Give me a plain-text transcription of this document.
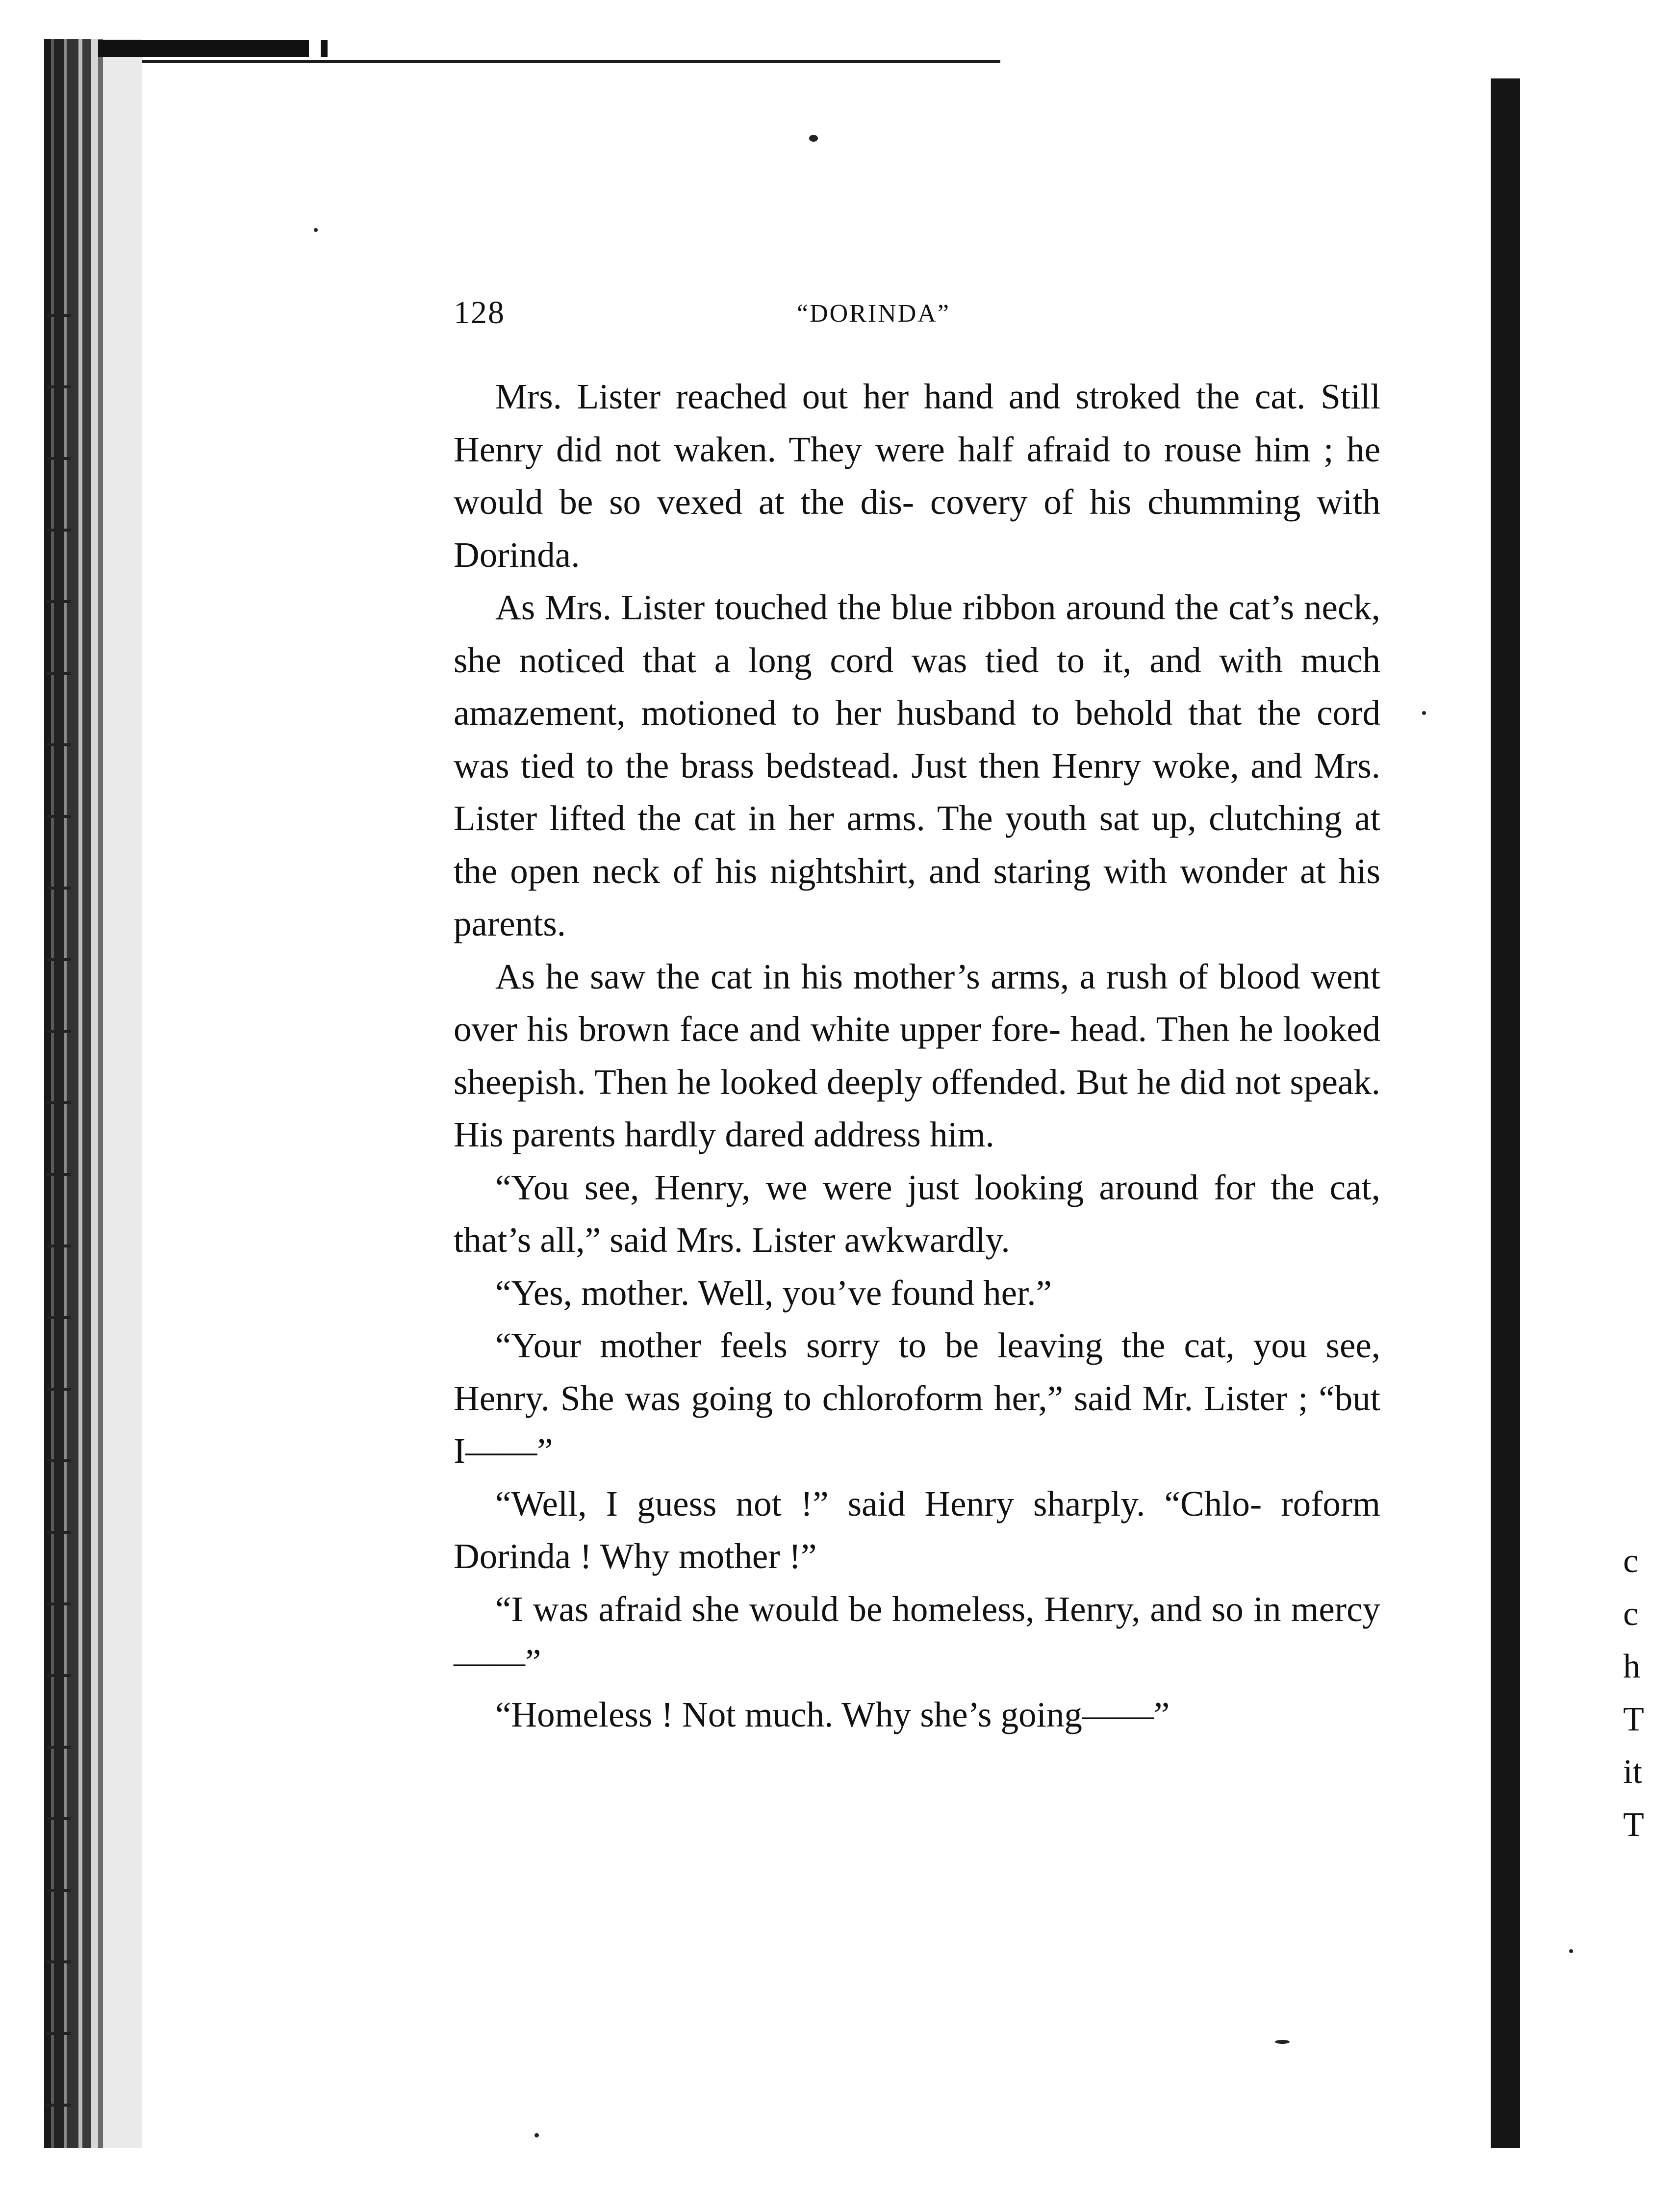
128	“DORINDA”

Mrs. Lister reached out her hand and stroked the cat. Still Henry did not waken. They were half afraid to rouse him ; he would be so vexed at the dis- covery of his chumming with Dorinda.

As Mrs. Lister touched the blue ribbon around the cat’s neck, she noticed that a long cord was tied to it, and with much amazement, motioned to her husband to behold that the cord was tied to the brass bedstead. Just then Henry woke, and Mrs. Lister lifted the cat in her arms. The youth sat up, clutching at the open neck of his nightshirt, and staring with wonder at his parents.

As he saw the cat in his mother’s arms, a rush of blood went over his brown face and white upper fore- head. Then he looked sheepish. Then he looked deeply offended. But he did not speak. His parents hardly dared address him.

“You see, Henry, we were just looking around for the cat, that’s all,” said Mrs. Lister awkwardly.

“Yes, mother. Well, you’ve found her.”

“Your mother feels sorry to be leaving the cat, you see, Henry. She was going to chloroform her,” said Mr. Lister ; “but I——”

“Well, I guess not !” said Henry sharply. “Chlo- roform Dorinda ! Why mother !”

“I was afraid she would be homeless, Henry, and so in mercy——”

“Homeless ! Not much. Why she’s going——”

c
c
h
T
it
T
